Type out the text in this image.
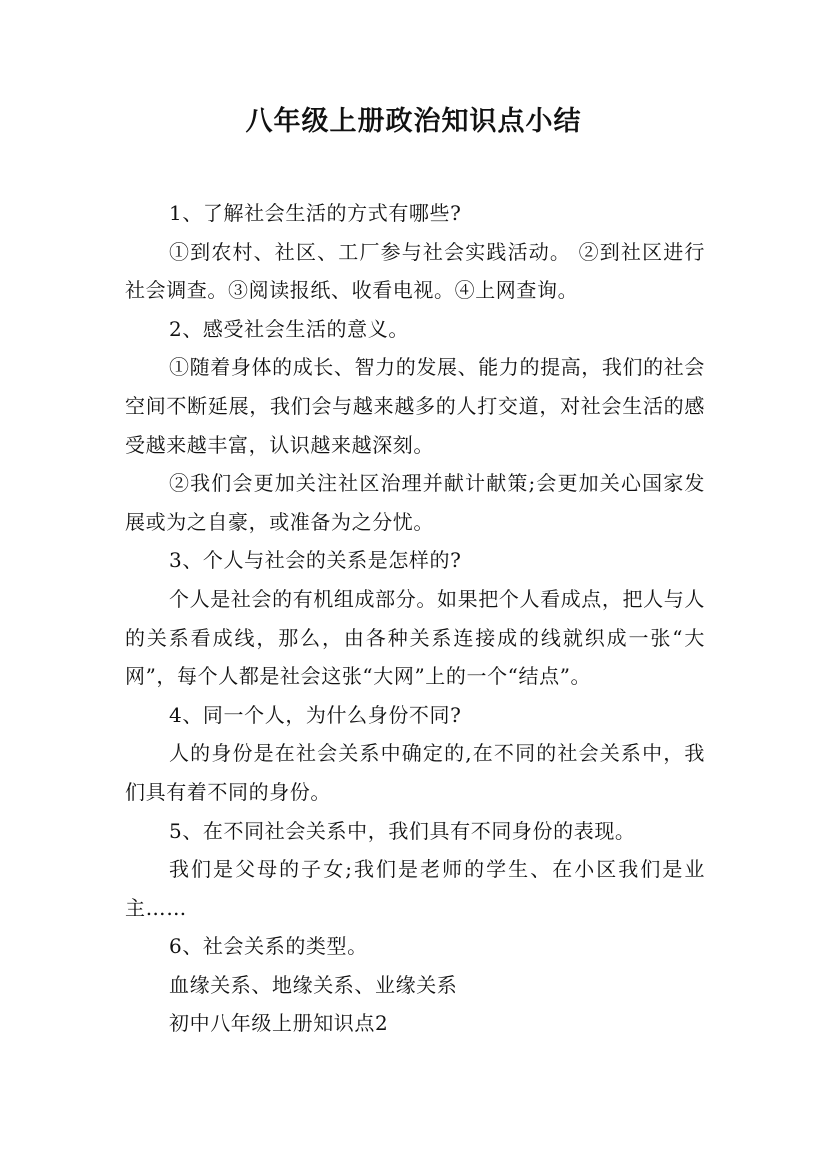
八年级上册政治知识点小结

1、了解社会生活的方式有哪些?

①到农村、社区、工厂参与社会实践活动。 ②到社区进行社会调查。③阅读报纸、收看电视。④上网查询。

2、感受社会生活的意义。

①随着身体的成长、智力的发展、能力的提高，我们的社会空间不断延展，我们会与越来越多的人打交道，对社会生活的感受越来越丰富，认识越来越深刻。

②我们会更加关注社区治理并献计献策;会更加关心国家发展或为之自豪，或准备为之分忧。

3、个人与社会的关系是怎样的?

个人是社会的有机组成部分。如果把个人看成点，把人与人的关系看成线，那么，由各种关系连接成的线就织成一张“大网”，每个人都是社会这张“大网”上的一个“结点”。

4、同一个人，为什么身份不同?

人的身份是在社会关系中确定的,在不同的社会关系中，我们具有着不同的身份。

5、在不同社会关系中，我们具有不同身份的表现。

我们是父母的子女;我们是老师的学生、在小区我们是业主……

6、社会关系的类型。

血缘关系、地缘关系、业缘关系

初中八年级上册知识点2
